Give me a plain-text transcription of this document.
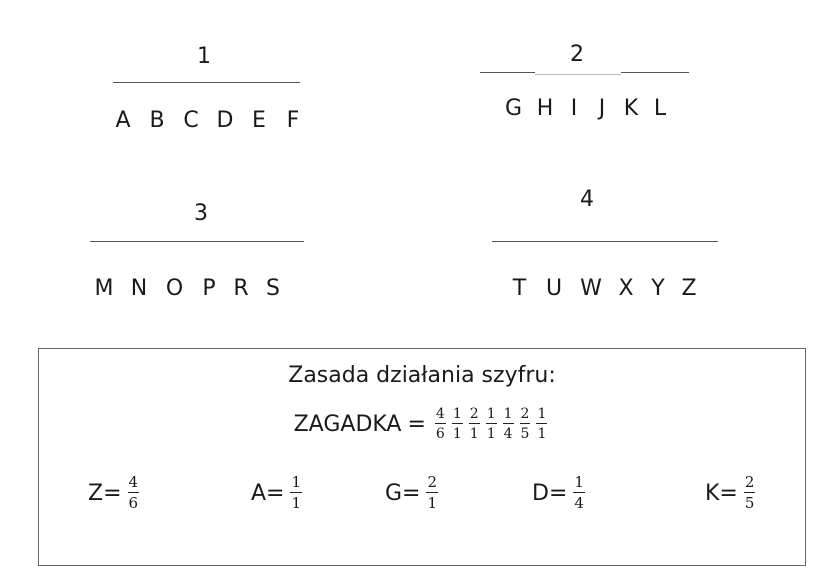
1
A B C D E F
2
G H I J K L
3
M N O P R S
4
T U W X Y Z
Zasada działania szyfru:
ZAGADKA = $\frac{4}{6} \frac{1}{1} \frac{2}{1} \frac{1}{1} \frac{1}{4} \frac{2}{5} \frac{1}{1}$
$Z= \frac{4}{6}$	$A= \frac{1}{1}$	$G= \frac{2}{1}$	$D= \frac{1}{4}$	$K= \frac{2}{5}$
